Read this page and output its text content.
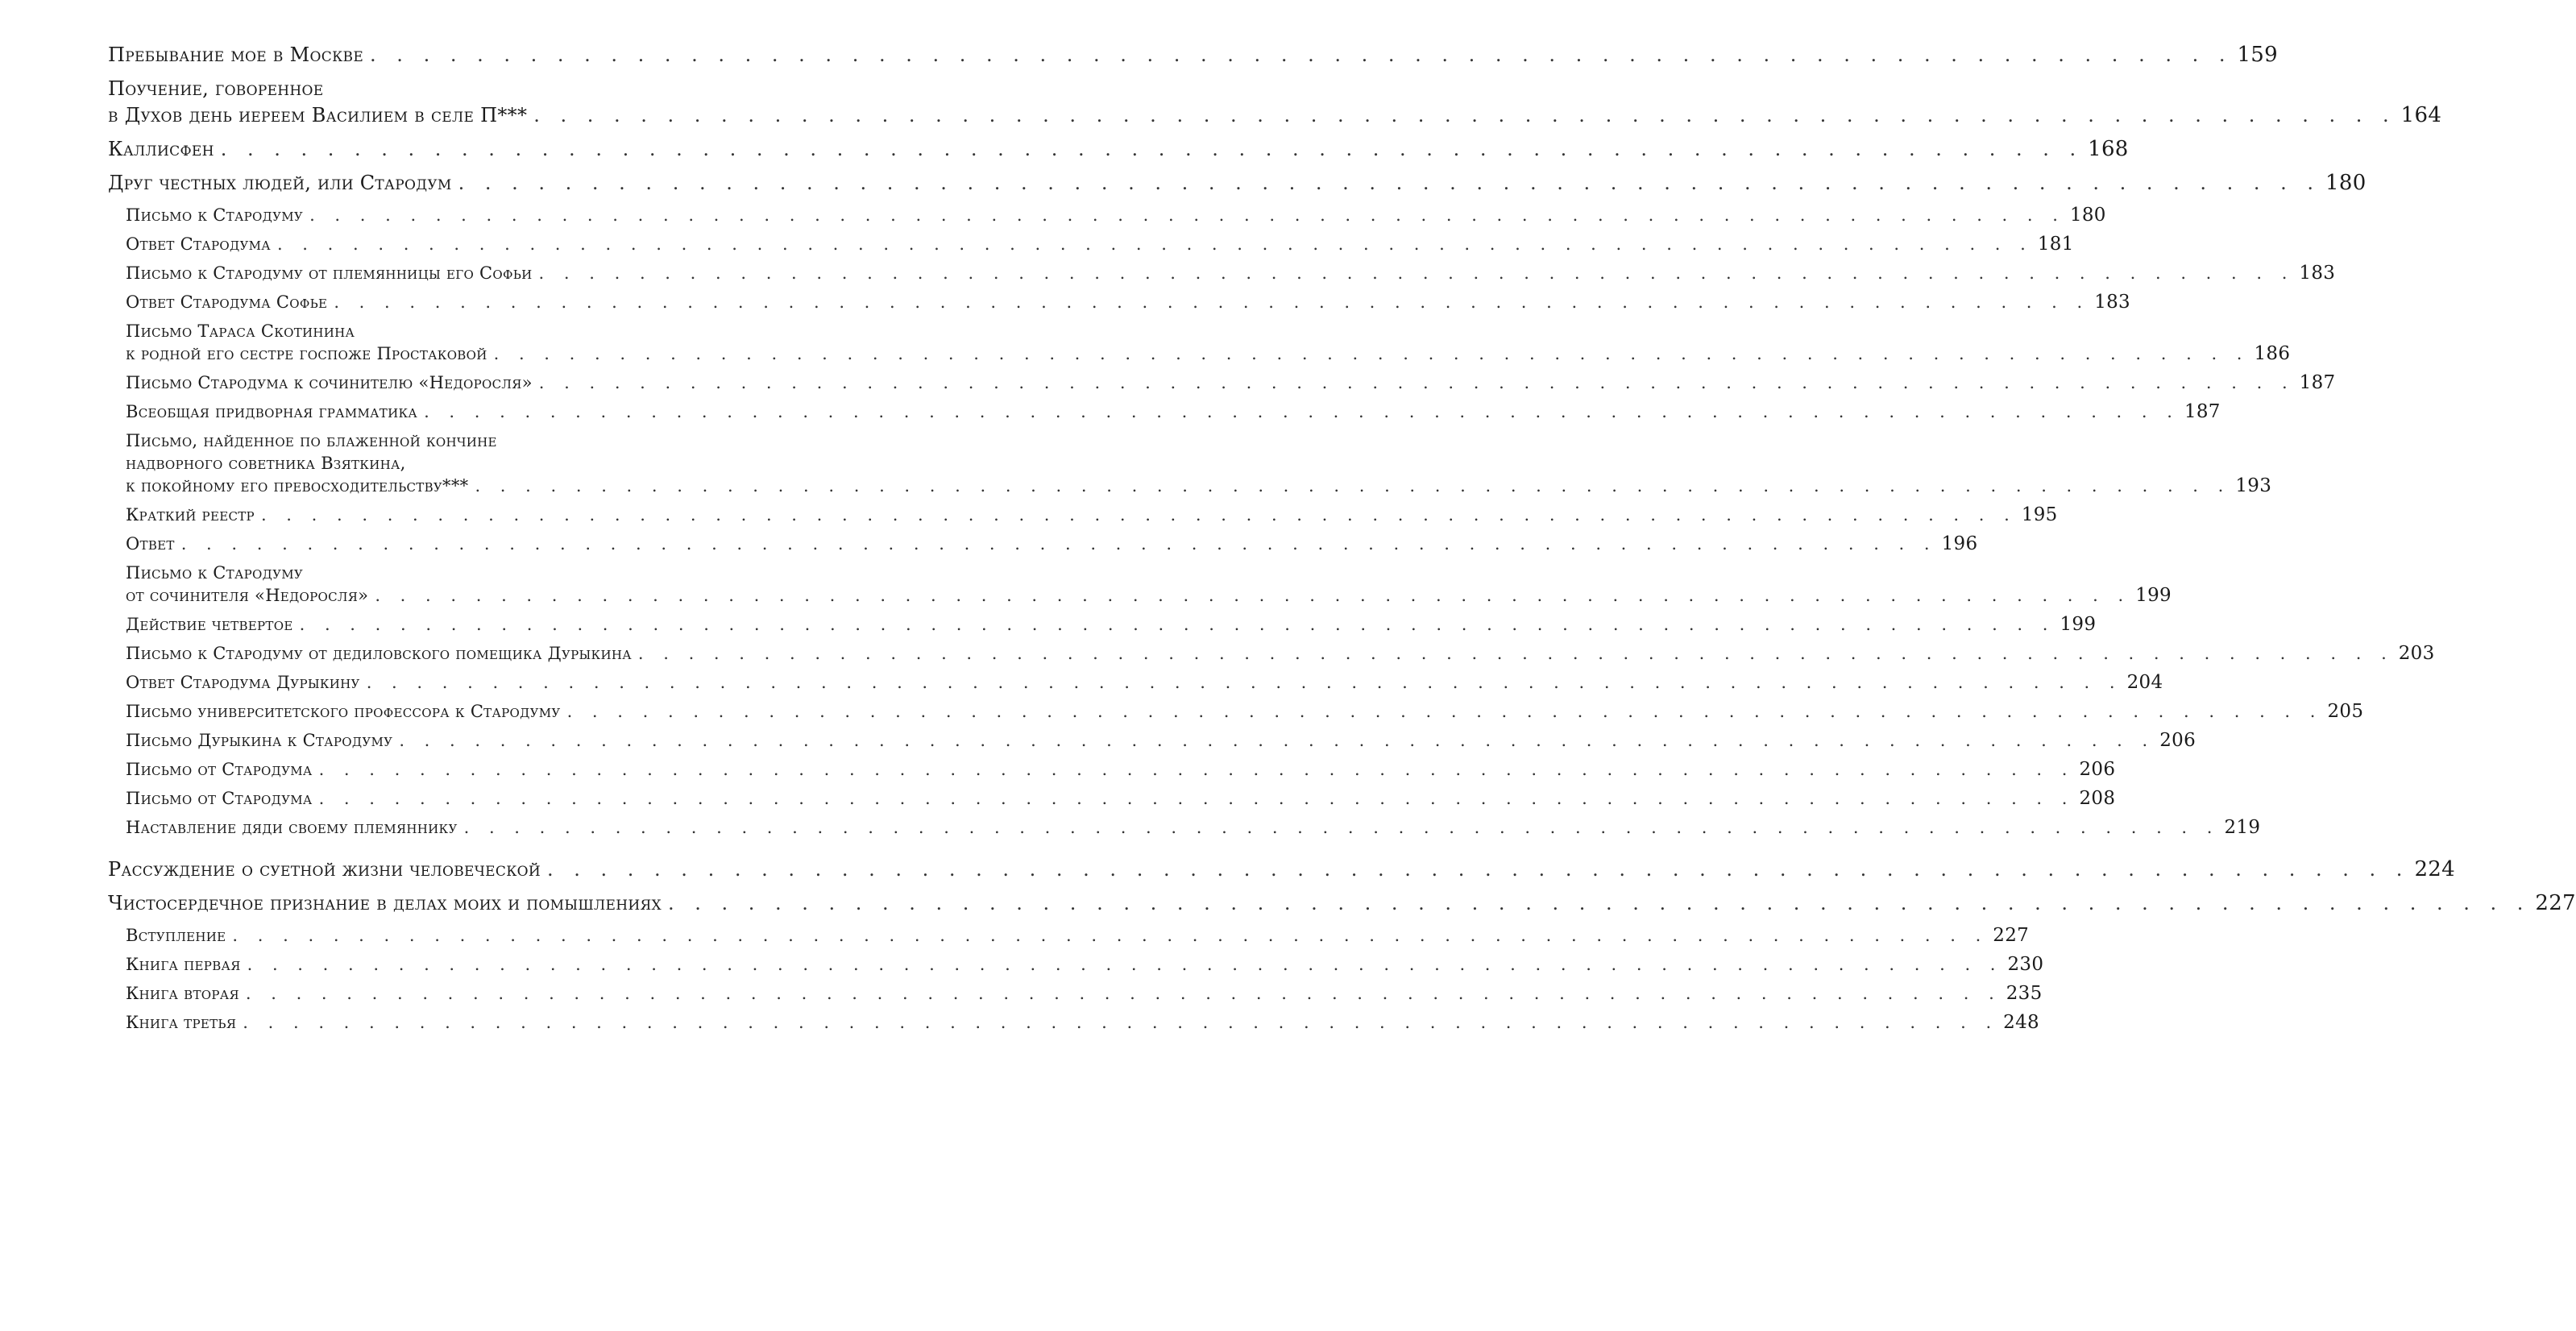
Пребывание мое в Москве . . . . . . . . . . . . . . . . . . . . . . . . . . . . . . . . . . . . . . . . . . . . . . . . . . . . . . . . . . . . . . . . . . . . . . 159
Поучение, говоренное
в Духов день иереем Василием в селе П*** . . . . . . . . . . . . . . . . . . . . . . . . . . . . . . . . . . . . . . . . . . . . . . . . . . . . . . . . . . . . . . . . . . . . . . 164
Каллисфен . . . . . . . . . . . . . . . . . . . . . . . . . . . . . . . . . . . . . . . . . . . . . . . . . . . . . . . . . . . . . . . . . . . . . . 168
Друг честных людей, или Стародум . . . . . . . . . . . . . . . . . . . . . . . . . . . . . . . . . . . . . . . . . . . . . . . . . . . . . . . . . . . . . . . . . . . . . . 180
Письмо к Стародуму . . . . . . . . . . . . . . . . . . . . . . . . . . . . . . . . . . . . . . . . . . . . . . . . . . . . . . . . . . . . . . . . . . . . . . 180
Ответ Стародума . . . . . . . . . . . . . . . . . . . . . . . . . . . . . . . . . . . . . . . . . . . . . . . . . . . . . . . . . . . . . . . . . . . . . . 181
Письмо к Стародуму от племянницы его Софьи . . . . . . . . . . . . . . . . . . . . . . . . . . . . . . . . . . . . . . . . . . . . . . . . . . . . . . . . . . . . . . . . . . . . . . 183
Ответ Стародума Софье . . . . . . . . . . . . . . . . . . . . . . . . . . . . . . . . . . . . . . . . . . . . . . . . . . . . . . . . . . . . . . . . . . . . . . 183
Письмо Тараса Скотинина
к родной его сестре госпоже Простаковой . . . . . . . . . . . . . . . . . . . . . . . . . . . . . . . . . . . . . . . . . . . . . . . . . . . . . . . . . . . . . . . . . . . . . . 186
Письмо Стародума к сочинителю «Недоросля» . . . . . . . . . . . . . . . . . . . . . . . . . . . . . . . . . . . . . . . . . . . . . . . . . . . . . . . . . . . . . . . . . . . . . . 187
Всеобщая придворная грамматика . . . . . . . . . . . . . . . . . . . . . . . . . . . . . . . . . . . . . . . . . . . . . . . . . . . . . . . . . . . . . . . . . . . . . . 187
Письмо, найденное по блаженной кончине
надворного советника Взяткина,
к покойному его превосходительству*** . . . . . . . . . . . . . . . . . . . . . . . . . . . . . . . . . . . . . . . . . . . . . . . . . . . . . . . . . . . . . . . . . . . . . . 193
Краткий реестр . . . . . . . . . . . . . . . . . . . . . . . . . . . . . . . . . . . . . . . . . . . . . . . . . . . . . . . . . . . . . . . . . . . . . . 195
Ответ . . . . . . . . . . . . . . . . . . . . . . . . . . . . . . . . . . . . . . . . . . . . . . . . . . . . . . . . . . . . . . . . . . . . . . 196
Письмо к Стародуму
от сочинителя «Недоросля» . . . . . . . . . . . . . . . . . . . . . . . . . . . . . . . . . . . . . . . . . . . . . . . . . . . . . . . . . . . . . . . . . . . . . . 199
Действие четвертое . . . . . . . . . . . . . . . . . . . . . . . . . . . . . . . . . . . . . . . . . . . . . . . . . . . . . . . . . . . . . . . . . . . . . . 199
Письмо к Стародуму от дедиловского помещика Дурыкина . . . . . . . . . . . . . . . . . . . . . . . . . . . . . . . . . . . . . . . . . . . . . . . . . . . . . . . . . . . . . . . . . . . . . . 203
Ответ Стародума Дурыкину . . . . . . . . . . . . . . . . . . . . . . . . . . . . . . . . . . . . . . . . . . . . . . . . . . . . . . . . . . . . . . . . . . . . . . 204
Письмо университетского профессора к Стародуму . . . . . . . . . . . . . . . . . . . . . . . . . . . . . . . . . . . . . . . . . . . . . . . . . . . . . . . . . . . . . . . . . . . . . . 205
Письмо Дурыкина к Стародуму . . . . . . . . . . . . . . . . . . . . . . . . . . . . . . . . . . . . . . . . . . . . . . . . . . . . . . . . . . . . . . . . . . . . . . 206
Письмо от Стародума . . . . . . . . . . . . . . . . . . . . . . . . . . . . . . . . . . . . . . . . . . . . . . . . . . . . . . . . . . . . . . . . . . . . . . 206
Письмо от Стародума . . . . . . . . . . . . . . . . . . . . . . . . . . . . . . . . . . . . . . . . . . . . . . . . . . . . . . . . . . . . . . . . . . . . . . 208
Наставление дяди своему племяннику . . . . . . . . . . . . . . . . . . . . . . . . . . . . . . . . . . . . . . . . . . . . . . . . . . . . . . . . . . . . . . . . . . . . . . 219
Рассуждение о суетной жизни человеческой . . . . . . . . . . . . . . . . . . . . . . . . . . . . . . . . . . . . . . . . . . . . . . . . . . . . . . . . . . . . . . . . . . . . . . 224
Чистосердечное признание в делах моих и помышлениях . . . . . . . . . . . . . . . . . . . . . . . . . . . . . . . . . . . . . . . . . . . . . . . . . . . . . . . . . . . . . . . . . . . . . . 227
Вступление . . . . . . . . . . . . . . . . . . . . . . . . . . . . . . . . . . . . . . . . . . . . . . . . . . . . . . . . . . . . . . . . . . . . . . 227
Книга первая . . . . . . . . . . . . . . . . . . . . . . . . . . . . . . . . . . . . . . . . . . . . . . . . . . . . . . . . . . . . . . . . . . . . . . 230
Книга вторая . . . . . . . . . . . . . . . . . . . . . . . . . . . . . . . . . . . . . . . . . . . . . . . . . . . . . . . . . . . . . . . . . . . . . . 235
Книга третья . . . . . . . . . . . . . . . . . . . . . . . . . . . . . . . . . . . . . . . . . . . . . . . . . . . . . . . . . . . . . . . . . . . . . . 248
